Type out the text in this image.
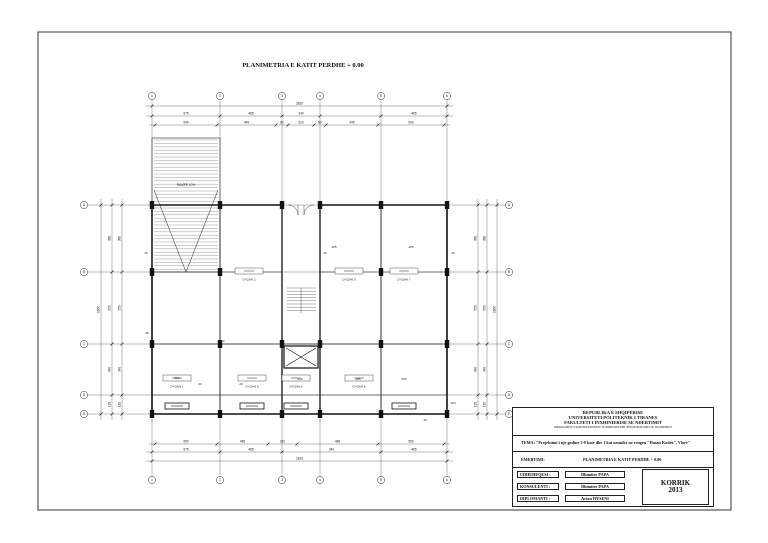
PLANIMETRIA E KATIT PERDHE + 0.00
2810
575	485	340	485
540	445	80	320	80	445	540
550	485	310	485	550
575	485	340	485
2810
1600
380
550
340
120
380
550
340
120
1600
380
550
340
120
380
550
340
120
RAMPE 10%
DYQAN 2	DYQAN 3	DYQAN 7
DYQAN 1	DYQAN 5	DYQAN 6	DYQAN 8
485	485
25	25	25
170
550
20	20
310	485	550
50
15
120
1
1
2
2
3
3
4
4
5
5
6
6
A	A
B	B
C	C
D	D
E	E	REPUBLIKA E SHQIPERISE
UNIVERSITETI POLITEKNIK I TIRANES
FAKULTETI I INXHINIERISE SE NDERTIMIT
DEPARTAMENTI I KONSTRUKSIONEVE TE NDERTIMIT DHE INFRASTRUKTURES SE TRANSPORTIT
TEMA: "Projektimi i nje godine 5-9 kate dhe 1 kat nentoke ne rrugen "Hasan Kodra", Vlore"
EMERTIMI:	PLANIMETRIA E KATIT PERDHE + 0.00
UDHEHEQESI :	Dhimiter PAPA
KONSULENTI :	Dhimiter PAPA
DIPLOMANTI :	Artan HYSENI
KORRIK
2013
